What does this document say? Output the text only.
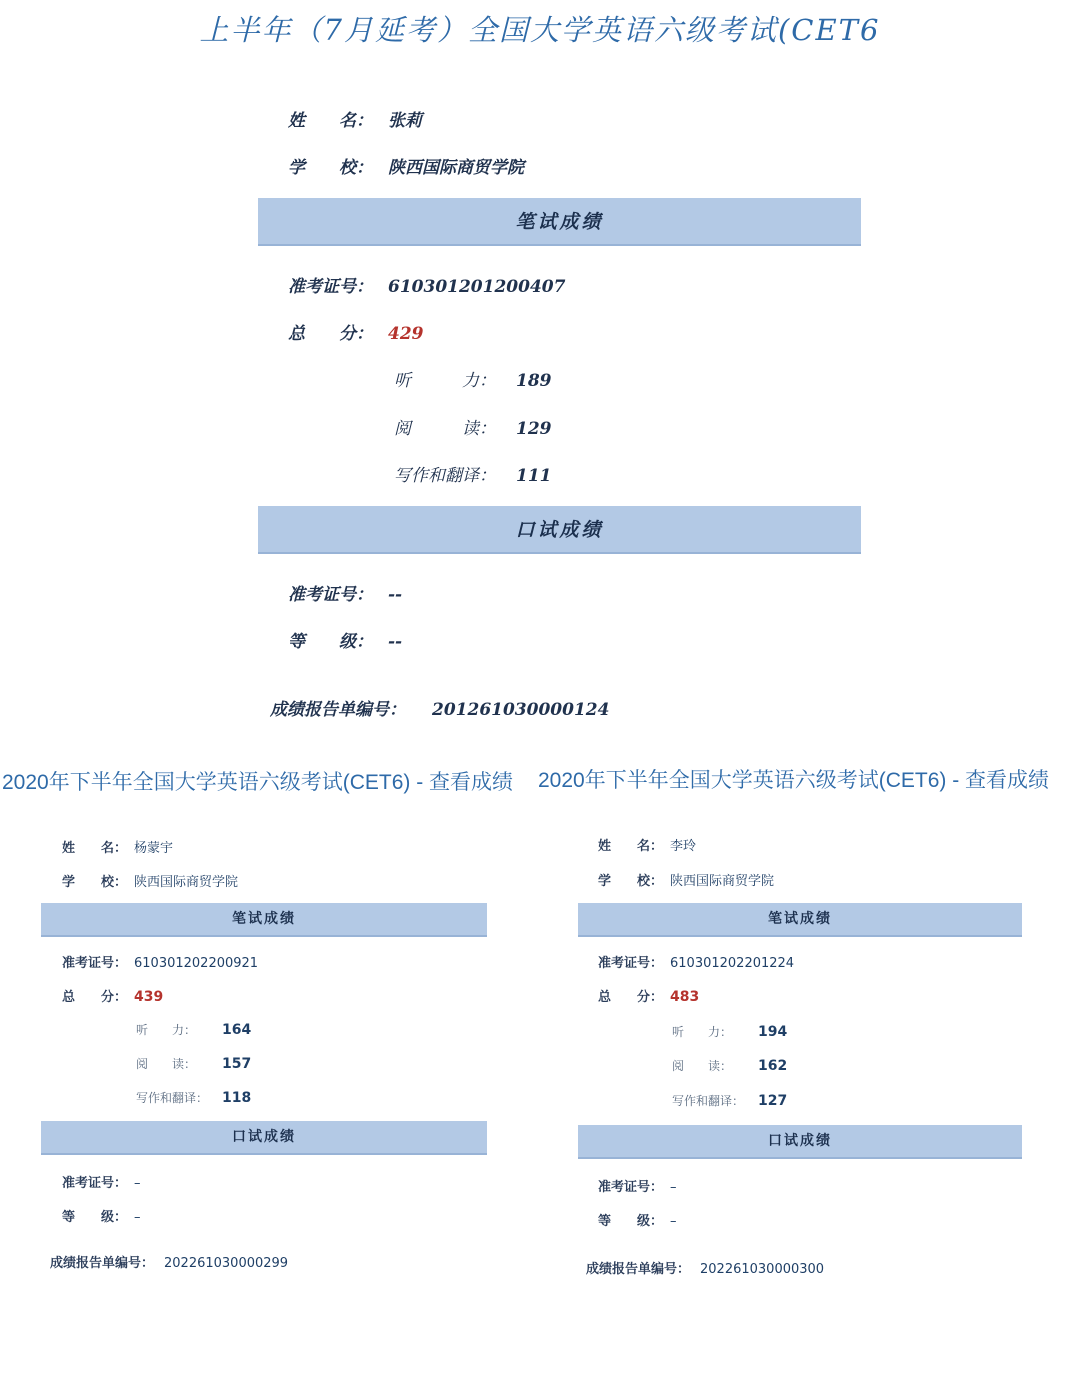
上半年（7月延考）全国大学英语六级考试(CET6
姓　　名： 张莉
学　　校： 陕西国际商贸学院
笔试成绩
准考证号： 610301201200407
总　　分： 429
听　　　力： 189
阅　　　读： 129
写作和翻译： 111
口试成绩
准考证号： --
等　　级： --
成绩报告单编号： 201261030000124
2020年下半年全国大学英语六级考试(CET6) - 查看成绩
姓　　名： 杨蒙宇
学　　校： 陕西国际商贸学院
笔试成绩
准考证号： 610301202200921
总　　分： 439
听　　力： 164
阅　　读： 157
写作和翻译： 118
口试成绩
准考证号： –
等　　级： –
成绩报告单编号： 202261030000299
2020年下半年全国大学英语六级考试(CET6) - 查看成绩
姓　　名： 李玲
学　　校： 陕西国际商贸学院
笔试成绩
准考证号： 610301202201224
总　　分： 483
听　　力： 194
阅　　读： 162
写作和翻译： 127
口试成绩
准考证号： –
等　　级： –
成绩报告单编号： 202261030000300
